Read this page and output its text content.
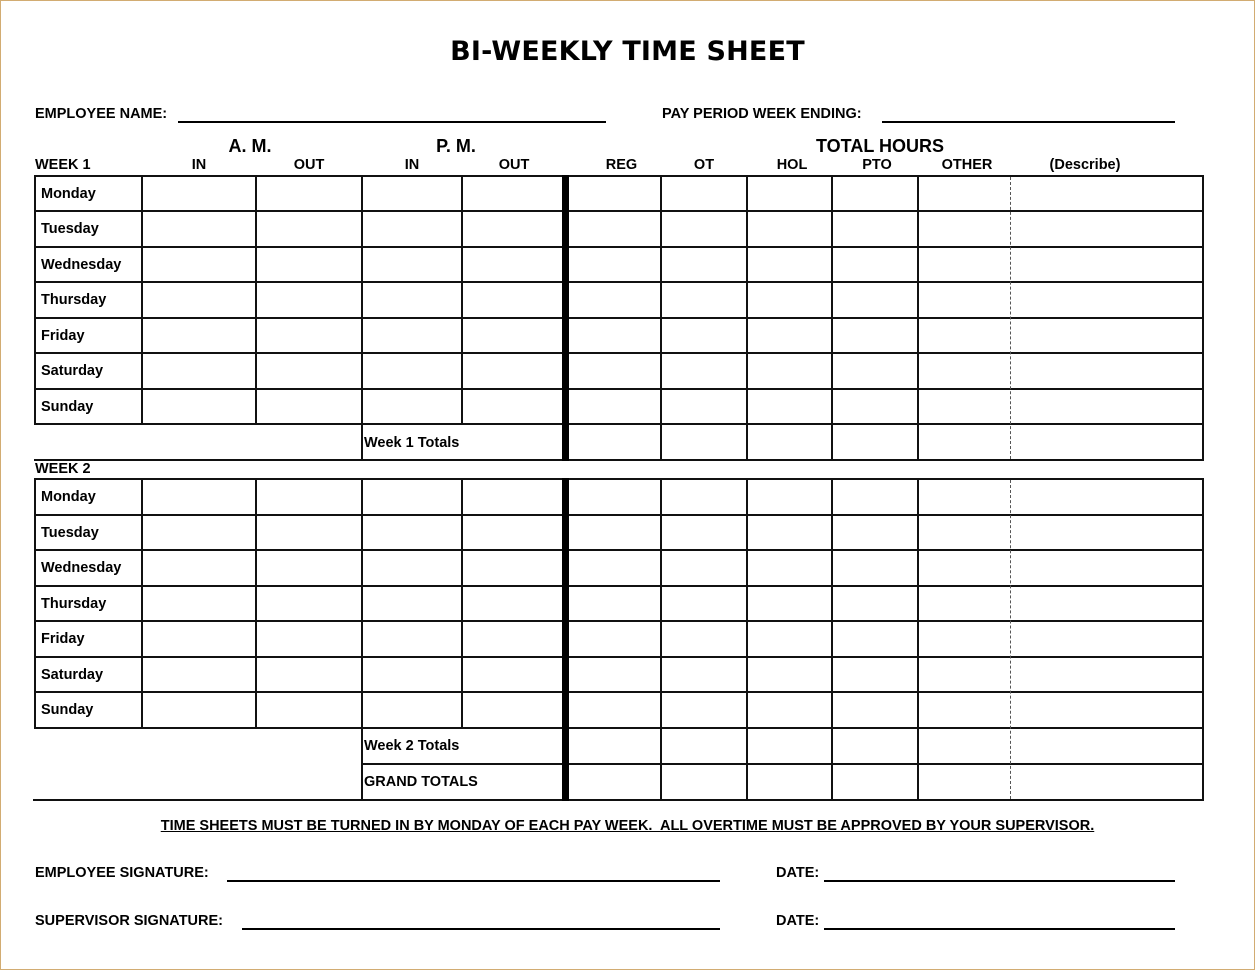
BI-WEEKLY TIME SHEET
EMPLOYEE NAME:	PAY PERIOD WEEK ENDING:
A. M.	P. M.	TOTAL HOURS
WEEK 1	IN	OUT	IN	OUT	REG	OT	HOL	PTO	OTHER	(Describe)
Monday
Tuesday
Wednesday
Thursday
Friday
Saturday
Sunday
Week 1 Totals
WEEK 2
Monday
Tuesday
Wednesday
Thursday
Friday
Saturday
Sunday
Week 2 Totals
GRAND TOTALS
TIME SHEETS MUST BE TURNED IN BY MONDAY OF EACH PAY WEEK.  ALL OVERTIME MUST BE APPROVED BY YOUR SUPERVISOR.
EMPLOYEE SIGNATURE:	DATE:
SUPERVISOR SIGNATURE:	DATE:
